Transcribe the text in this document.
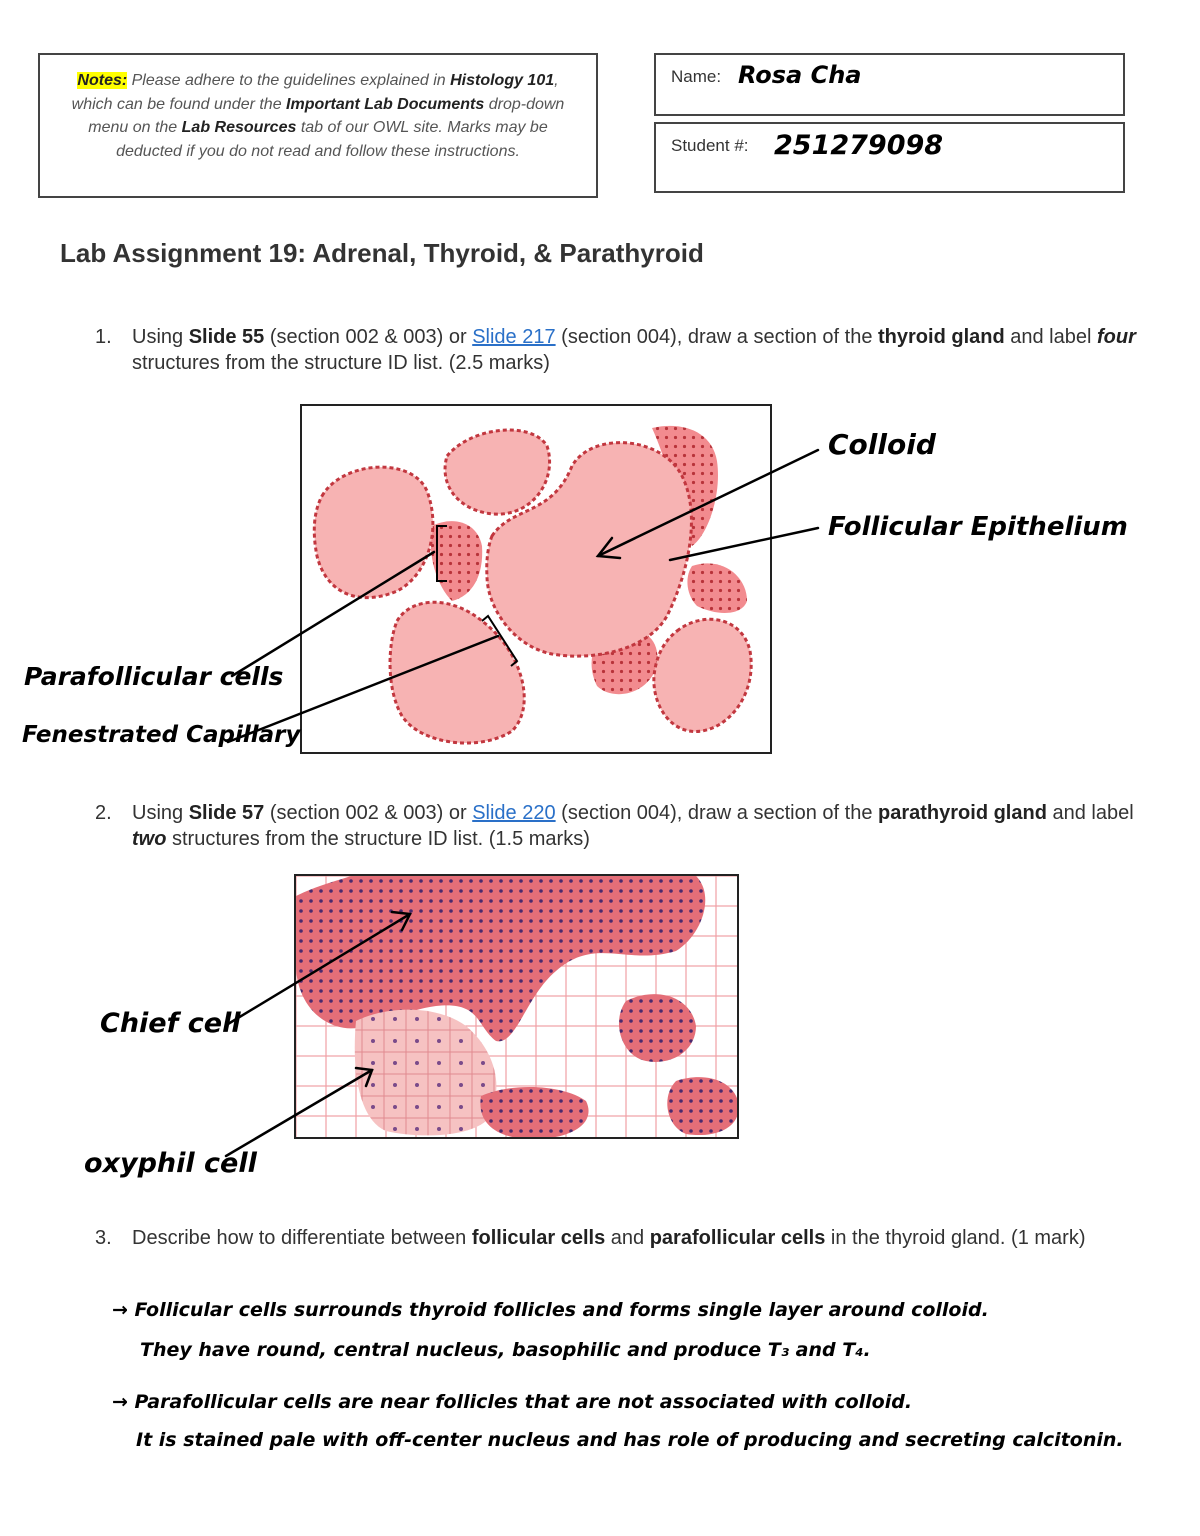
Notes: Please adhere to the guidelines explained in Histology 101, which can be found under the Important Lab Documents drop-down menu on the Lab Resources tab of our OWL site. Marks may be deducted if you do not read and follow these instructions.
Name: Rosa Cha
Student #: 251279098
Lab Assignment 19: Adrenal, Thyroid, & Parathyroid
1. Using Slide 55 (section 002 & 003) or Slide 217 (section 004), draw a section of the thyroid gland and label four structures from the structure ID list. (2.5 marks)
Colloid
Follicular Epithelium
Parafollicular cells
Fenestrated Capillary
Chief cell
oxyphil cell
2. Using Slide 57 (section 002 & 003) or Slide 220 (section 004), draw a section of the parathyroid gland and label two structures from the structure ID list. (1.5 marks)
3. Describe how to differentiate between follicular cells and parafollicular cells in the thyroid gland. (1 mark)
→ Follicular cells surrounds thyroid follicles and forms single layer around colloid.
They have round, central nucleus, basophilic and produce T₃ and T₄.
→ Parafollicular cells are near follicles that are not associated with colloid.
It is stained pale with off-center nucleus and has role of producing and secreting calcitonin.
